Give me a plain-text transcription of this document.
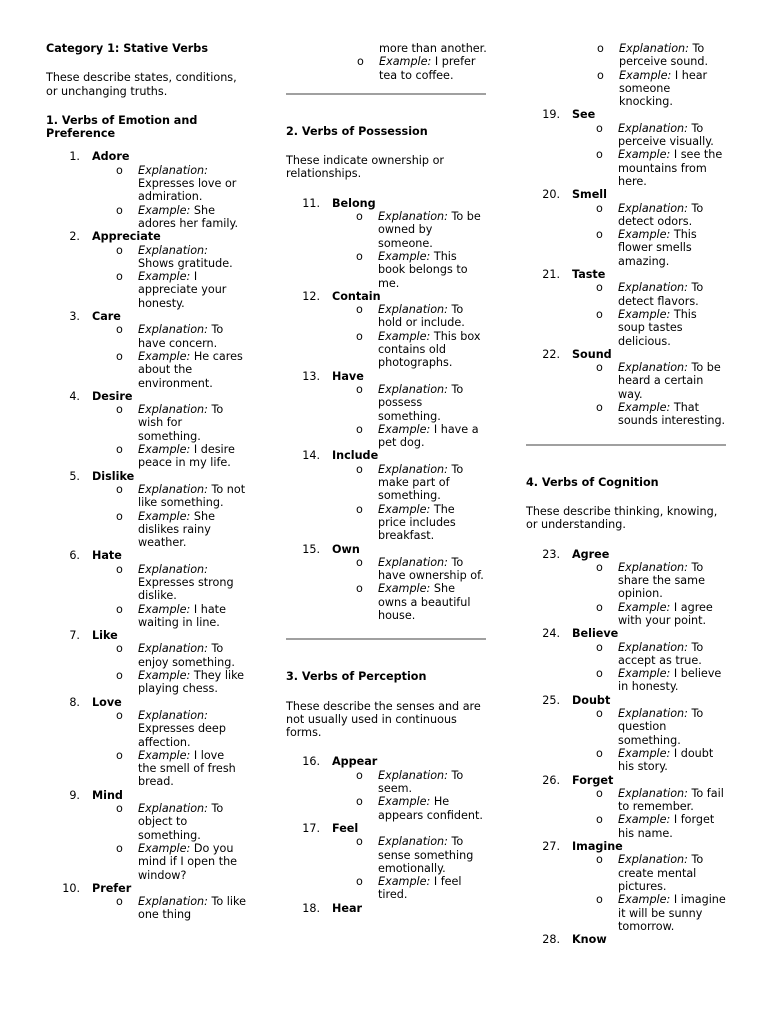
Category 1: Stative Verbs

These describe states, conditions, or unchanging truths.

1. Verbs of Emotion and Preference
1. Adore
o Explanation: Expresses love or admiration.
o Example: She adores her family.
2. Appreciate
o Explanation: Shows gratitude.
o Example: I appreciate your honesty.
3. Care
o Explanation: To have concern.
o Example: He cares about the environment.
4. Desire
o Explanation: To wish for something.
o Example: I desire peace in my life.
5. Dislike
o Explanation: To not like something.
o Example: She dislikes rainy weather.
6. Hate
o Explanation: Expresses strong dislike.
o Example: I hate waiting in line.
7. Like
o Explanation: To enjoy something.
o Example: They like playing chess.
8. Love
o Explanation: Expresses deep affection.
o Example: I love the smell of fresh bread.
9. Mind
o Explanation: To object to something.
o Example: Do you mind if I open the window?
10. Prefer
o Explanation: To like one thing
more than another.
o Example: I prefer tea to coffee.
2. Verbs of Possession

These indicate ownership or relationships.

11. Belong
o Explanation: To be owned by someone.
o Example: This book belongs to me.
12. Contain
o Explanation: To hold or include.
o Example: This box contains old photographs.
13. Have
o Explanation: To possess something.
o Example: I have a pet dog.
14. Include
o Explanation: To make part of something.
o Example: The price includes breakfast.
15. Own
o Explanation: To have ownership of.
o Example: She owns a beautiful house.
3. Verbs of Perception

These describe the senses and are not usually used in continuous forms.

16. Appear
o Explanation: To seem.
o Example: He appears confident.
17. Feel
o Explanation: To sense something emotionally.
o Example: I feel tired.
18. Hear
o Explanation: To perceive sound.
o Example: I hear someone knocking.
19. See
o Explanation: To perceive visually.
o Example: I see the mountains from here.
20. Smell
o Explanation: To detect odors.
o Example: This flower smells amazing.
21. Taste
o Explanation: To detect flavors.
o Example: This soup tastes delicious.
22. Sound
o Explanation: To be heard a certain way.
o Example: That sounds interesting.
4. Verbs of Cognition

These describe thinking, knowing, or understanding.

23. Agree
o Explanation: To share the same opinion.
o Example: I agree with your point.
24. Believe
o Explanation: To accept as true.
o Example: I believe in honesty.
25. Doubt
o Explanation: To question something.
o Example: I doubt his story.
26. Forget
o Explanation: To fail to remember.
o Example: I forget his name.
27. Imagine
o Explanation: To create mental pictures.
o Example: I imagine it will be sunny tomorrow.
28. Know
